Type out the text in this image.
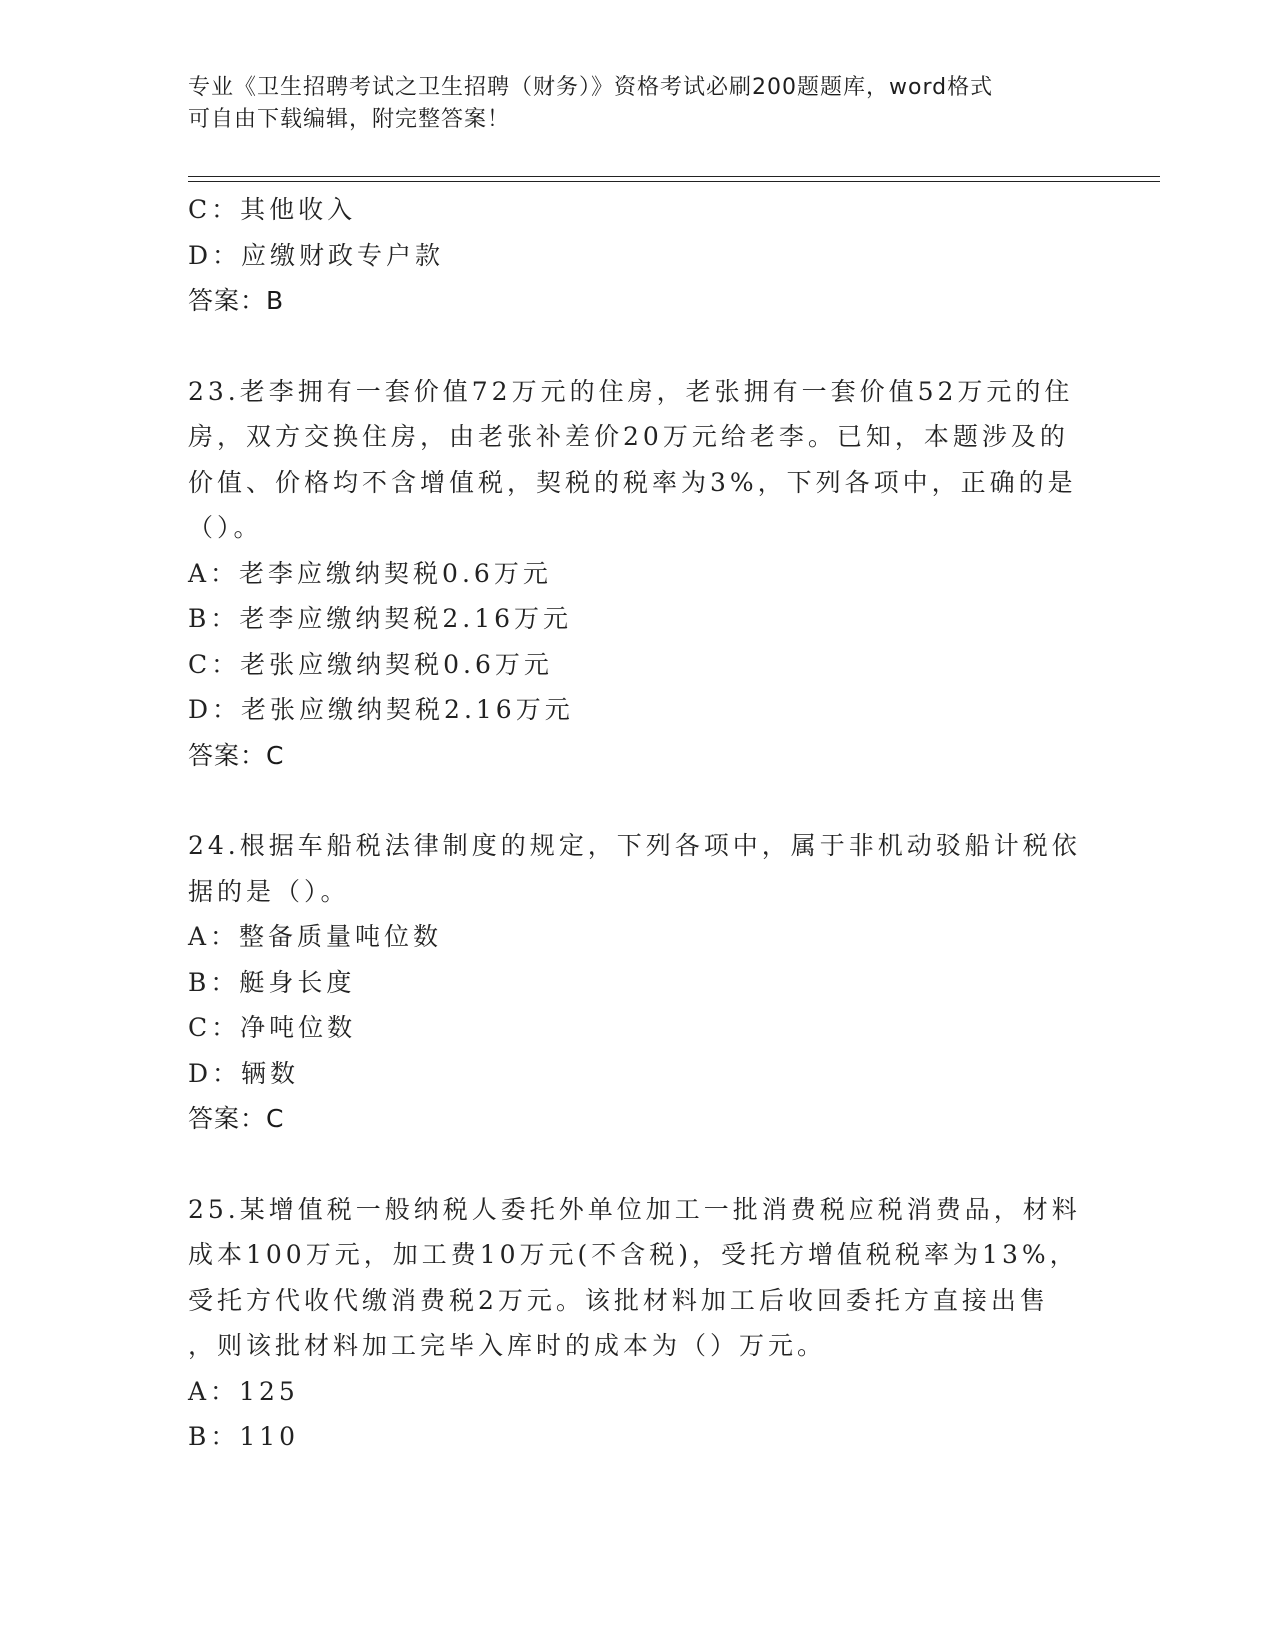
专业《卫生招聘考试之卫生招聘（财务）》资格考试必刷200题题库，word格式
可自由下载编辑，附完整答案！

C：其他收入

D：应缴财政专户款

答案：B

23.老李拥有一套价值72万元的住房，老张拥有一套价值52万元的住

房，双方交换住房，由老张补差价20万元给老李。已知，本题涉及的

价值、价格均不含增值税，契税的税率为3%，下列各项中，正确的是

（）。

A：老李应缴纳契税0.6万元

B：老李应缴纳契税2.16万元

C：老张应缴纳契税0.6万元

D：老张应缴纳契税2.16万元

答案：C

24.根据车船税法律制度的规定，下列各项中，属于非机动驳船计税依

据的是（）。

A：整备质量吨位数

B：艇身长度

C：净吨位数

D：辆数

答案：C

25.某增值税一般纳税人委托外单位加工一批消费税应税消费品，材料

成本100万元，加工费10万元(不含税)，受托方增值税税率为13%，

受托方代收代缴消费税2万元。该批材料加工后收回委托方直接出售

，则该批材料加工完毕入库时的成本为（）万元。

A：125

B：110
